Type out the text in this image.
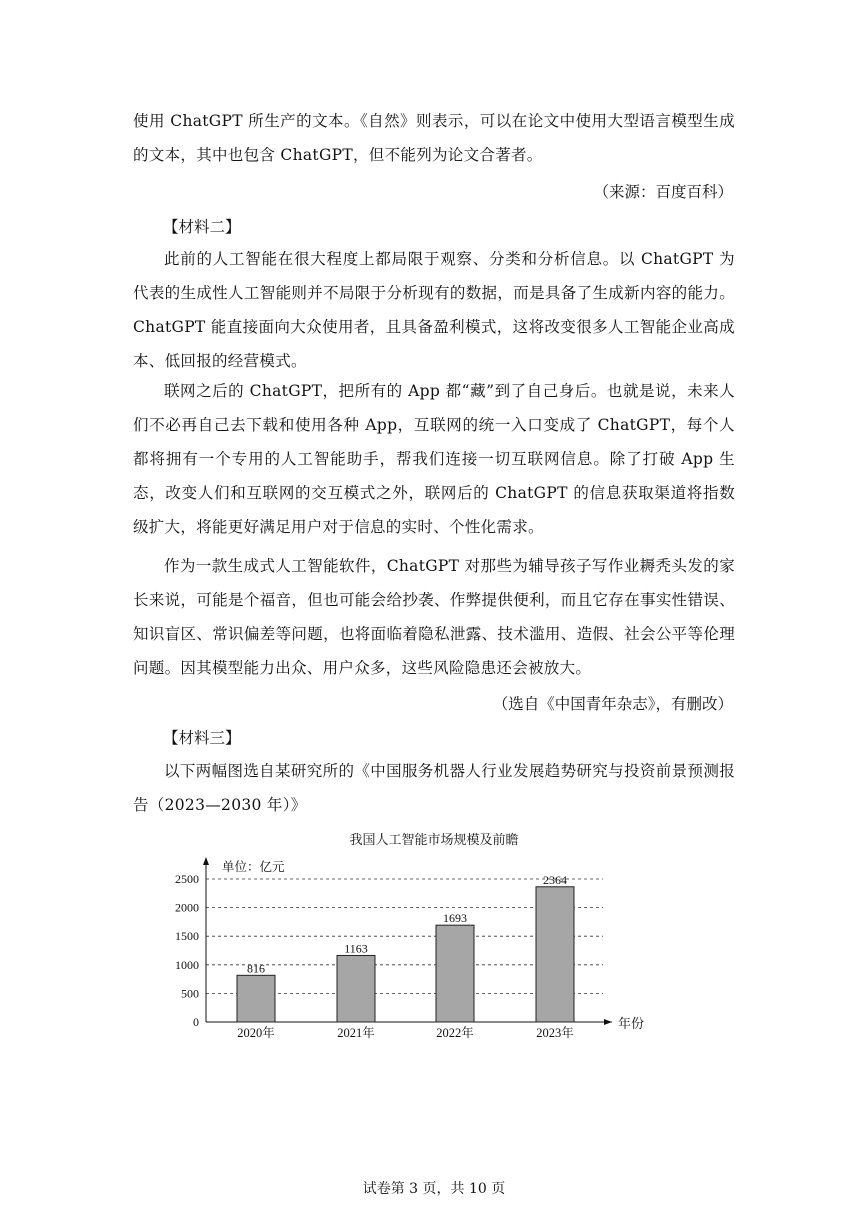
使用 ChatGPT 所生产的文本。《自然》则表示，可以在论文中使用大型语言模型生成的文本，其中也包含 ChatGPT，但不能列为论文合著者。
（来源：百度百科）
【材料二】
此前的人工智能在很大程度上都局限于观察、分类和分析信息。以 ChatGPT 为代表的生成性人工智能则并不局限于分析现有的数据，而是具备了生成新内容的能力。ChatGPT 能直接面向大众使用者，且具备盈利模式，这将改变很多人工智能企业高成本、低回报的经营模式。
联网之后的 ChatGPT，把所有的 App 都“藏”到了自己身后。也就是说，未来人们不必再自己去下载和使用各种 App，互联网的统一入口变成了 ChatGPT，每个人都将拥有一个专用的人工智能助手，帮我们连接一切互联网信息。除了打破 App 生态，改变人们和互联网的交互模式之外，联网后的 ChatGPT 的信息获取渠道将指数级扩大，将能更好满足用户对于信息的实时、个性化需求。
作为一款生成式人工智能软件，ChatGPT 对那些为辅导孩子写作业耨秃头发的家长来说，可能是个福音，但也可能会给抄袭、作弊提供便利，而且它存在事实性错误、知识盲区、常识偏差等问题，也将面临着隐私泄露、技术滥用、造假、社会公平等伦理问题。因其模型能力出众、用户众多，这些风险隐患还会被放大。
（选自《中国青年杂志》，有删改）
【材料三】
以下两幅图选自某研究所的《中国服务机器人行业发展趋势研究与投资前景预测报告（2023—2030 年）》
我国人工智能市场规模及前瞻
0
500
1000
1500
2000
2500
单位：亿元
年份
816
2020年
1163
2021年
1693
2022年
2364
2023年
试卷第 3 页，共 10 页
